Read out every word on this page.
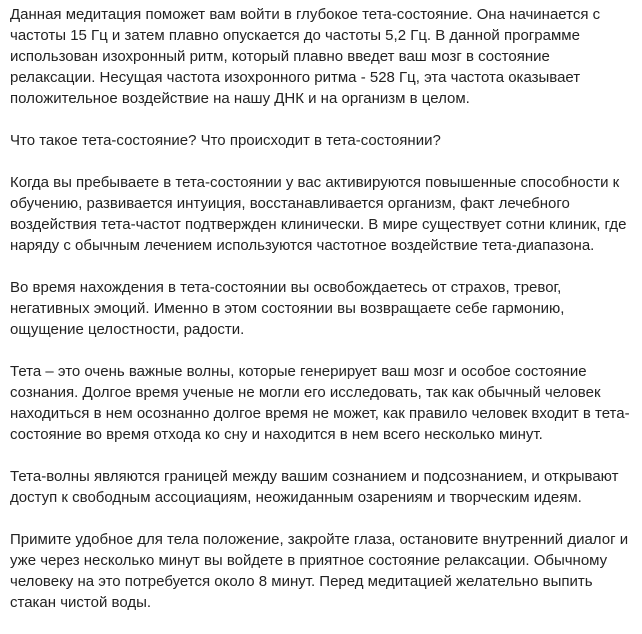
Данная медитация поможет вам войти в глубокое тета-состояние. Она начинается с частоты 15 Гц и затем плавно опускается до частоты 5,2 Гц. В данной программе использован изохронный ритм, который плавно введет ваш мозг в состояние релаксации. Несущая частота изохронного ритма - 528 Гц, эта частота оказывает положительное воздействие на нашу ДНК и на организм в целом.

Что такое тета-состояние? Что происходит в тета-состоянии?

Когда вы пребываете в тета-состоянии у вас активируются повышенные способности к обучению, развивается интуиция, восстанавливается организм, факт лечебного воздействия тета-частот подтвержден клинически. В мире существует сотни клиник, где наряду с обычным лечением используются частотное воздействие тета-диапазона.

Во время нахождения в тета-состоянии вы освобождаетесь от страхов, тревог, негативных эмоций. Именно в этом состоянии вы возвращаете себе гармонию, ощущение целостности, радости.

Тета – это очень важные волны, которые генерирует ваш мозг и особое состояние сознания. Долгое время ученые не могли его исследовать, так как обычный человек находиться в нем осознанно долгое время не может, как правило человек входит в тета-состояние во время отхода ко сну и находится в нем всего несколько минут.

Тета-волны являются границей между вашим сознанием и подсознанием, и открывают доступ к свободным ассоциациям, неожиданным озарениям и творческим идеям.

Примите удобное для тела положение, закройте глаза, остановите внутренний диалог и уже через несколько минут вы войдете в приятное состояние релаксации. Обычному человеку на это потребуется около 8 минут. Перед медитацией желательно выпить стакан чистой воды.
